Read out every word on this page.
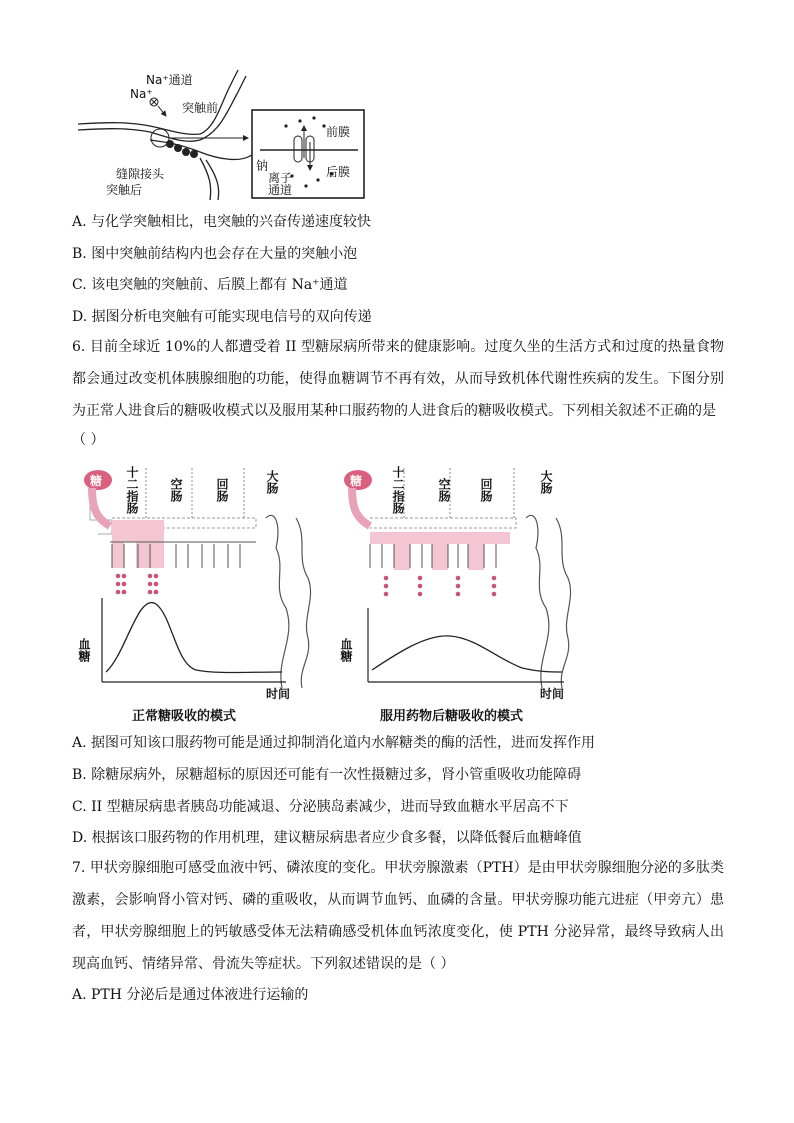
Na⁺通道
Na⁺
突触前
缝隙接头
突触后
前膜
后膜
钠
离子
通道
A. 与化学突触相比，电突触的兴奋传递速度较快
B. 图中突触前结构内也会存在大量的突触小泡
C. 该电突触的突触前、后膜上都有 Na⁺通道
D. 据图分析电突触有可能实现电信号的双向传递
6. 目前全球近 10%的人都遭受着 II 型糖尿病所带来的健康影响。过度久坐的生活方式和过度的热量食物都会通过改变机体胰腺细胞的功能，使得血糖调节不再有效，从而导致机体代谢性疾病的发生。下图分别为正常人进食后的糖吸收模式以及服用某种口服药物的人进食后的糖吸收模式。下列相关叙述不正确的是
（ ）
糖 十二指肠	空肠	回肠	大肠
血糖
时间
正常糖吸收的模式
糖 十二指肠	空肠 回肠	大肠
血糖
时间
服用药物后糖吸收的模式
A. 据图可知该口服药物可能是通过抑制消化道内水解糖类的酶的活性，进而发挥作用
B. 除糖尿病外，尿糖超标的原因还可能有一次性摄糖过多，肾小管重吸收功能障碍
C. II 型糖尿病患者胰岛功能减退、分泌胰岛素减少，进而导致血糖水平居高不下
D. 根据该口服药物的作用机理，建议糖尿病患者应少食多餐，以降低餐后血糖峰值
7. 甲状旁腺细胞可感受血液中钙、磷浓度的变化。甲状旁腺激素（PTH）是由甲状旁腺细胞分泌的多肽类激素，会影响肾小管对钙、磷的重吸收，从而调节血钙、血磷的含量。甲状旁腺功能亢进症（甲旁亢）患者，甲状旁腺细胞上的钙敏感受体无法精确感受机体血钙浓度变化，使 PTH 分泌异常，最终导致病人出现高血钙、情绪异常、骨流失等症状。下列叙述错误的是（ ）
A. PTH 分泌后是通过体液进行运输的
